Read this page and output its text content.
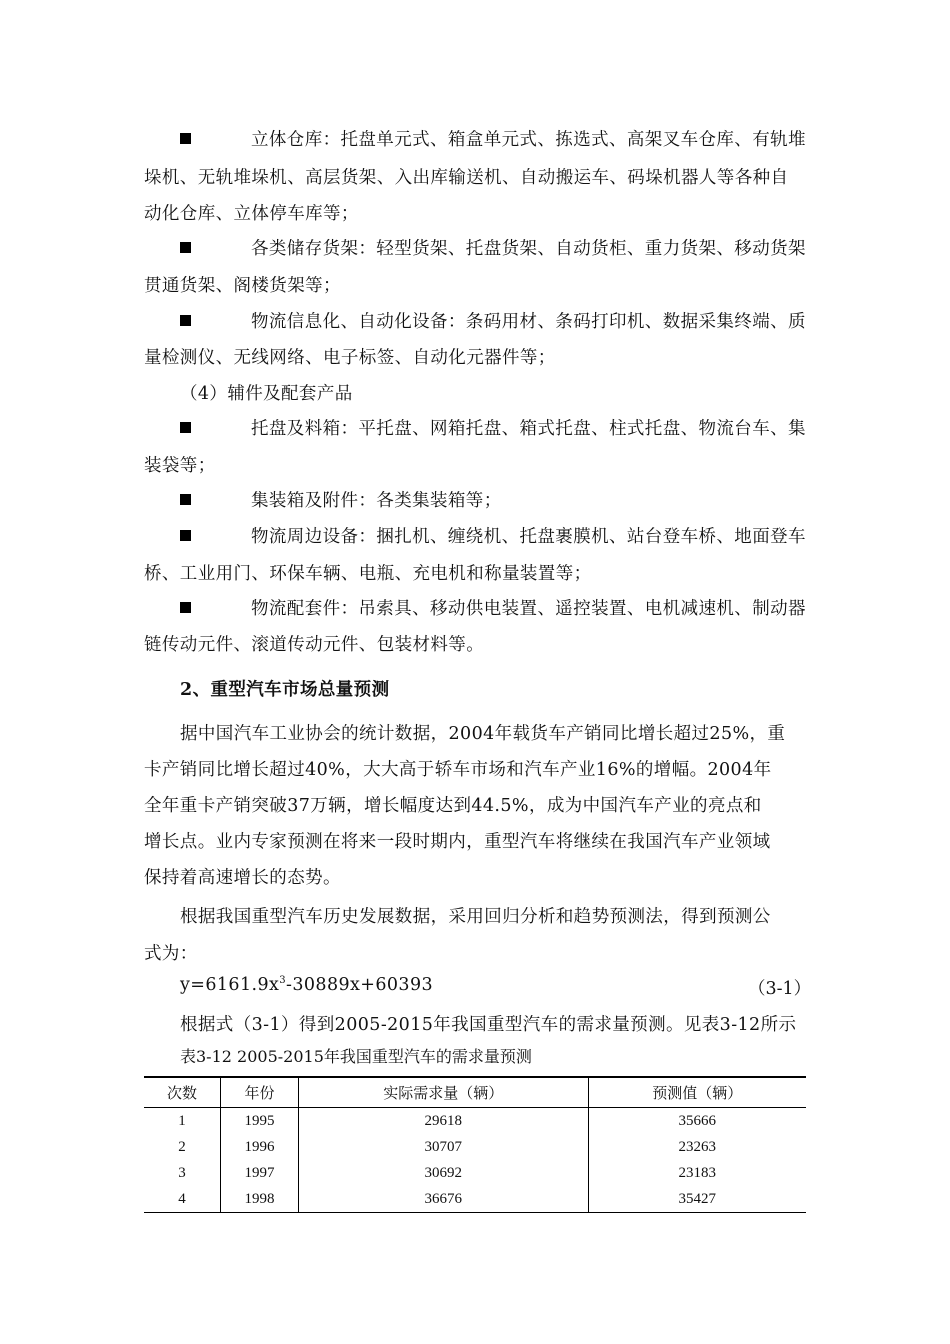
立体仓库：托盘单元式、箱盒单元式、拣选式、高架叉车仓库、有轨堆
垛机、无轨堆垛机、高层货架、入出库输送机、自动搬运车、码垛机器人等各种自
动化仓库、立体停车库等；
各类储存货架：轻型货架、托盘货架、自动货柜、重力货架、移动货架
贯通货架、阁楼货架等；
物流信息化、自动化设备：条码用材、条码打印机、数据采集终端、质
量检测仪、无线网络、电子标签、自动化元器件等；
（4）辅件及配套产品
托盘及料箱：平托盘、网箱托盘、箱式托盘、柱式托盘、物流台车、集
装袋等；
集装箱及附件：各类集装箱等；
物流周边设备：捆扎机、缠绕机、托盘裹膜机、站台登车桥、地面登车
桥、工业用门、环保车辆、电瓶、充电机和称量装置等；
物流配套件：吊索具、移动供电装置、遥控装置、电机减速机、制动器
链传动元件、滚道传动元件、包装材料等。
2、重型汽车市场总量预测
据中国汽车工业协会的统计数据，2004年载货车产销同比增长超过25%，重
卡产销同比增长超过40%，大大高于轿车市场和汽车产业16%的增幅。2004年
全年重卡产销突破37万辆，增长幅度达到44.5%，成为中国汽车产业的亮点和
增长点。业内专家预测在将来一段时期内，重型汽车将继续在我国汽车产业领域
保持着高速增长的态势。
根据我国重型汽车历史发展数据，采用回归分析和趋势预测法，得到预测公
式为：
$y=6161.9x^3-30889x+60393$	（3-1）
根据式（3-1）得到2005-2015年我国重型汽车的需求量预测。见表3-12所示
表3-12 2005-2015年我国重型汽车的需求量预测
次数	年份	实际需求量（辆）	预测值（辆）
1	1995	29618	35666
2	1996	30707	23263
3	1997	30692	23183
4	1998	36676	35427
